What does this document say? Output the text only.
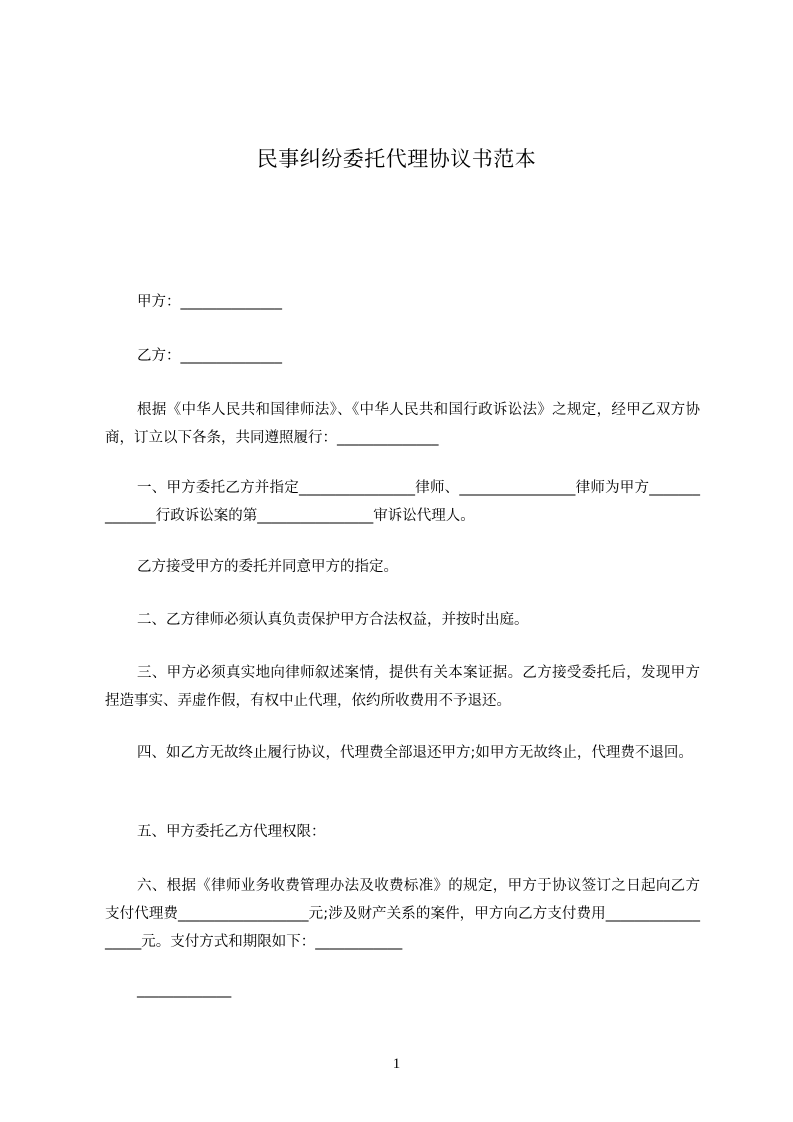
民事纠纷委托代理协议书范本
甲方：______________
乙方：______________
根据《中华人民共和国律师法》、《中华人民共和国行政诉讼法》之规定，经甲乙双方协商，订立以下各条，共同遵照履行：______________
一、甲方委托乙方并指定________________律师、________________律师为甲方______________行政诉讼案的第________________审诉讼代理人。
乙方接受甲方的委托并同意甲方的指定。
二、乙方律师必须认真负责保护甲方合法权益，并按时出庭。
三、甲方必须真实地向律师叙述案情，提供有关本案证据。乙方接受委托后，发现甲方捏造事实、弄虚作假，有权中止代理，依约所收费用不予退还。
四、如乙方无故终止履行协议，代理费全部退还甲方;如甲方无故终止，代理费不退回。
五、甲方委托乙方代理权限：
六、根据《律师业务收费管理办法及收费标准》的规定，甲方于协议签订之日起向乙方支付代理费__________________元;涉及财产关系的案件，甲方向乙方支付费用__________________元。支付方式和期限如下：____________
_____________
1
